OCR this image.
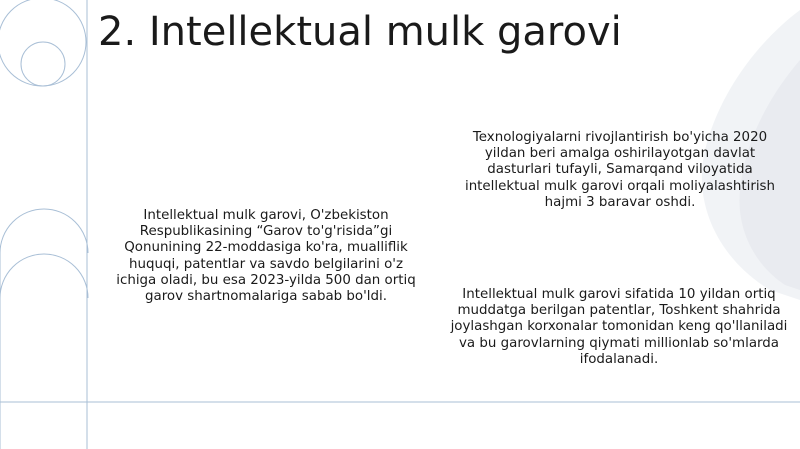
2. Intellektual mulk garovi

Intellektual mulk garovi, O'zbekiston Respublikasining “Garov to'g'risida”gi Qonunining 22-moddasiga ko'ra, mualliflik huquqi, patentlar va savdo belgilarini o'z ichiga oladi, bu esa 2023-yilda 500 dan ortiq garov shartnomalariga sabab bo'ldi.

Texnologiyalarni rivojlantirish bo'yicha 2020 yildan beri amalga oshirilayotgan davlat dasturlari tufayli, Samarqand viloyatida intellektual mulk garovi orqali moliyalashtirish hajmi 3 baravar oshdi.

Intellektual mulk garovi sifatida 10 yildan ortiq muddatga berilgan patentlar, Toshkent shahrida joylashgan korxonalar tomonidan keng qo'llaniladi va bu garovlarning qiymati millionlab so'mlarda ifodalanadi.
